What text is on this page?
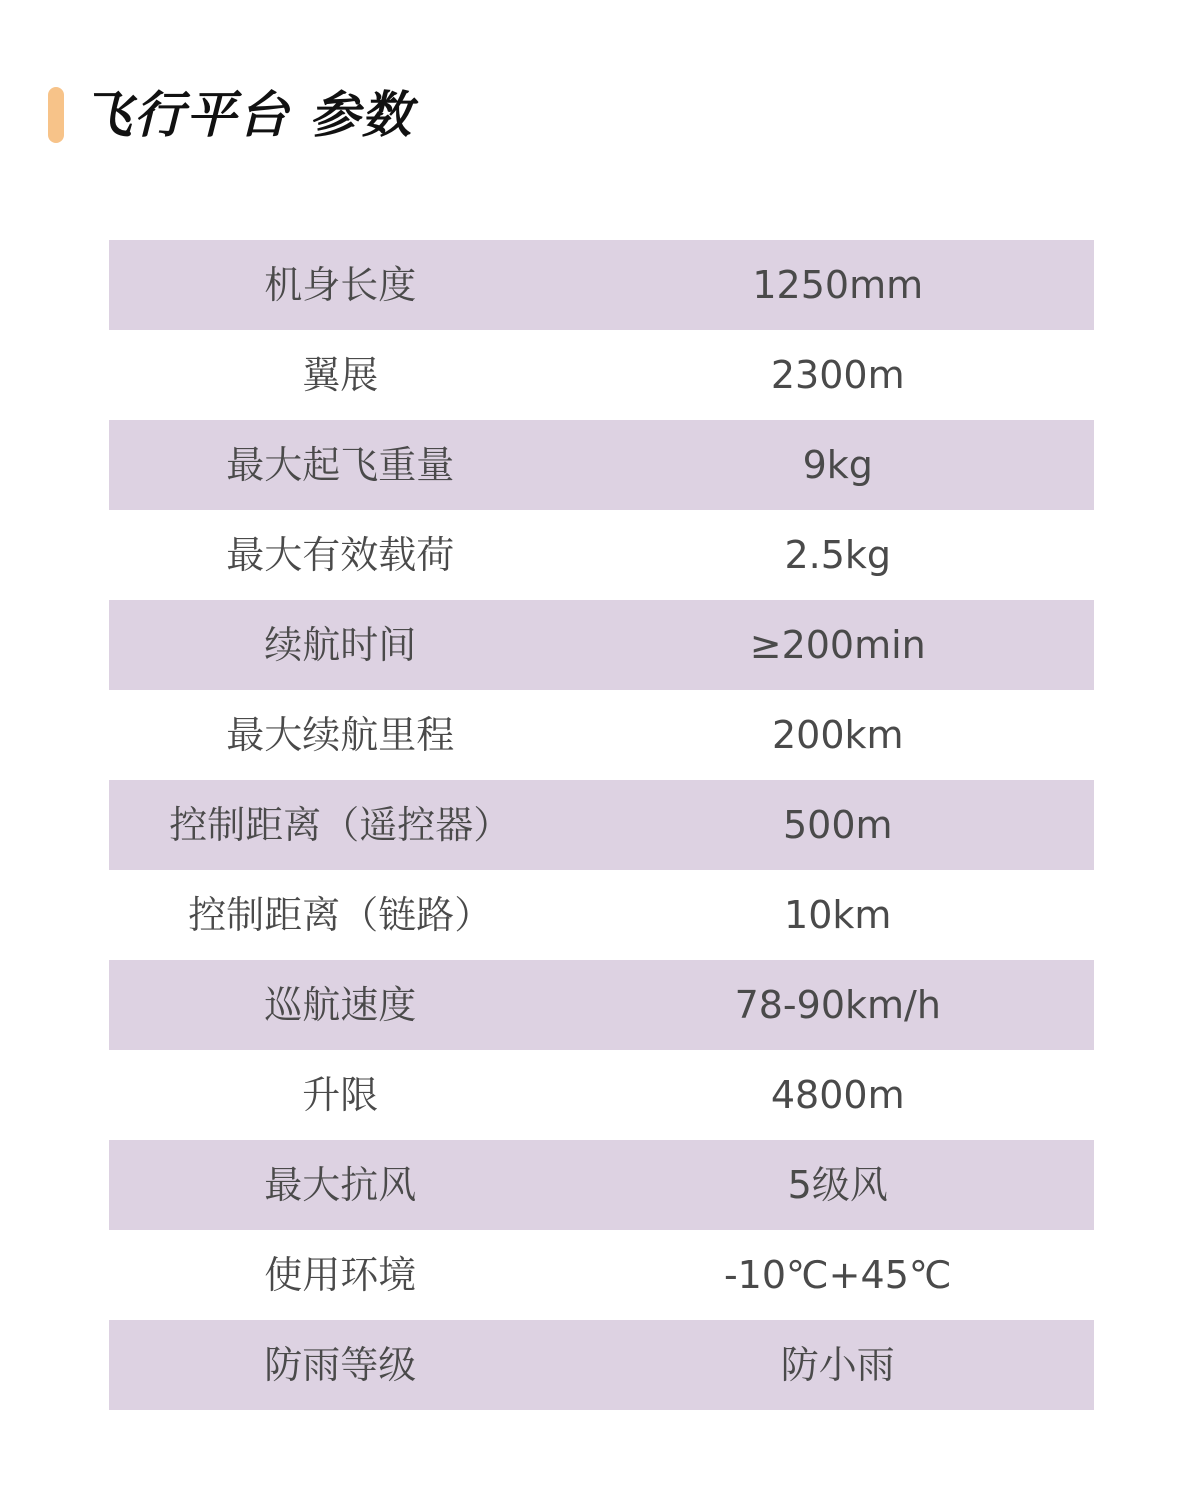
飞行平台 参数
机身长度	1250mm
翼展	2300m
最大起飞重量	9kg
最大有效载荷	2.5kg
续航时间	≥200min
最大续航里程	200km
控制距离（遥控器）	500m
控制距离（链路）	10km
巡航速度	78-90km/h
升限	4800m
最大抗风	5级风
使用环境	-10℃+45℃
防雨等级	防小雨
